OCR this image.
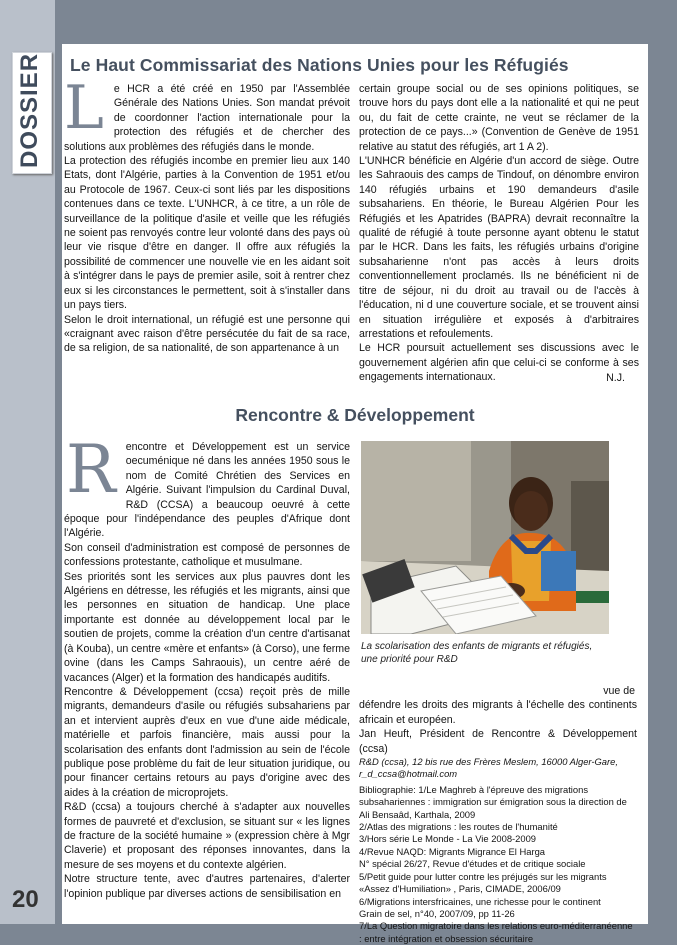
DOSSIER Le Haut Commissariat des Nations Unies pour les Réfugiés

Le HCR a été créé en 1950 par l'Assemblée Générale des Nations Unies. Son mandat prévoit de coordonner l'action internationale pour la protection des réfugiés et de chercher des solutions aux problèmes des réfugiés dans le monde.

La protection des réfugiés incombe en premier lieu aux 140 Etats, dont l'Algérie, parties à la Convention de 1951 et/ou au Protocole de 1967. Ceux-ci sont liés par les dispositions contenues dans ce texte. L'UNHCR, à ce titre, a un rôle de surveillance de la politique d'asile et veille que les réfugiés ne soient pas renvoyés contre leur volonté dans des pays où leur vie risque d'être en danger. Il offre aux réfugiés la possibilité de commencer une nouvelle vie en les aidant soit à s'intégrer dans le pays de premier asile, soit à rentrer chez eux si les circonstances le permettent, soit à s'installer dans un pays tiers.

Selon le droit international, un réfugié est une personne qui «craignant avec raison d'être persécutée du fait de sa race, de sa religion, de sa nationalité, de son appartenance à un

certain groupe social ou de ses opinions politiques, se trouve hors du pays dont elle a la nationalité et qui ne peut ou, du fait de cette crainte, ne veut se réclamer de la protection de ce pays...» (Convention de Genève de 1951 relative au statut des réfugiés, art 1 A 2).

L'UNHCR bénéficie en Algérie d'un accord de siège. Outre les Sahraouis des camps de Tindouf, on dénombre environ 140 réfugiés urbains et 190 demandeurs d'asile subsahariens. En théorie, le Bureau Algérien Pour les Réfugiés et les Apatrides (BAPRA) devrait reconnaître la qualité de réfugié à toute personne ayant obtenu le statut par le HCR. Dans les faits, les réfugiés urbains d'origine subsaharienne n'ont pas accès à leurs droits conventionnellement proclamés. Ils ne bénéficient ni de titre de séjour, ni du droit au travail ou de l'accès à l'éducation, ni d une couverture sociale, et se trouvent ainsi en situation irrégulière et exposés à d'arbitraires arrestations et refoulements.

Le HCR poursuit actuellement ses discussions avec le gouvernement algérien afin que celui-ci se conforme à ses engagements internationaux.	N.J.

Rencontre & Développement

Rencontre et Développement est un service oecuménique né dans les années 1950 sous le nom de Comité Chrétien des Services en Algérie. Suivant l'impulsion du Cardinal Duval, R&D (CCSA) a beaucoup oeuvré à cette époque pour l'indépendance des peuples d'Afrique dont l'Algérie.

Son conseil d'administration est composé de personnes de confessions protestante, catholique et musulmane.

Ses priorités sont les services aux plus pauvres dont les Algériens en détresse, les réfugiés et les migrants, ainsi que les personnes en situation de handicap. Une place importante est donnée au développement local par le soutien de projets, comme la création d'un centre d'artisanat (à Kouba), un centre «mère et enfants» (à Corso), une ferme ovine (dans les Camps Sahraouis), un centre aéré de vacances (Alger) et la formation des handicapés auditifs.

Rencontre & Développement (ccsa) reçoit près de mille migrants, demandeurs d'asile ou réfugiés subsahariens par an et intervient auprès d'eux en vue d'une aide médicale, matérielle et parfois financière, mais aussi pour la scolarisation des enfants dont l'admission au sein de l'école publique pose problème du fait de leur situation juridique, ou pour financer certains retours au pays d'origine avec des aides à la création de microprojets.

R&D (ccsa) a toujours cherché à s'adapter aux nouvelles formes de pauvreté et d'exclusion, se situant sur « les lignes de fracture de la société humaine » (expression chère à Mgr Claverie) et proposant des réponses innovantes, dans la mesure de ses moyens et du contexte algérien.

Notre structure tente, avec d'autres partenaires, d'alerter l'opinion publique par diverses actions de sensibilisation en

La scolarisation des enfants de migrants et réfugiés, une priorité pour R&D

vue de

défendre les droits des migrants à l'échelle des continents africain et européen.

Jan Heuft, Président de Rencontre & Développement (ccsa)

R&D (ccsa), 12 bis rue des Frères Meslem, 16000 Alger-Gare, r_d_ccsa@hotmail.com

Bibliographie: 1/Le Maghreb à l'épreuve des migrations subsahariennes : immigration sur émigration sous la direction de Ali Bensaâd, Karthala, 2009

2/Atlas des migrations : les routes de l'humanité

3/Hors série Le Monde - La Vie 2008-2009

4/Revue NAQD: Migrants Migrance El Harga

N° spécial 26/27, Revue d'études et de critique sociale

5/Petit guide pour lutter contre les préjugés sur les migrants

«Assez d'Humiliation» , Paris, CIMADE, 2006/09

6/Migrations intersfricaines, une richesse pour le continent

Grain de sel, n°40, 2007/09, pp 11-26

7/La Question migratoire dans les relations euro-méditerranéenne : entre intégration et obsession sécuritaire

20
